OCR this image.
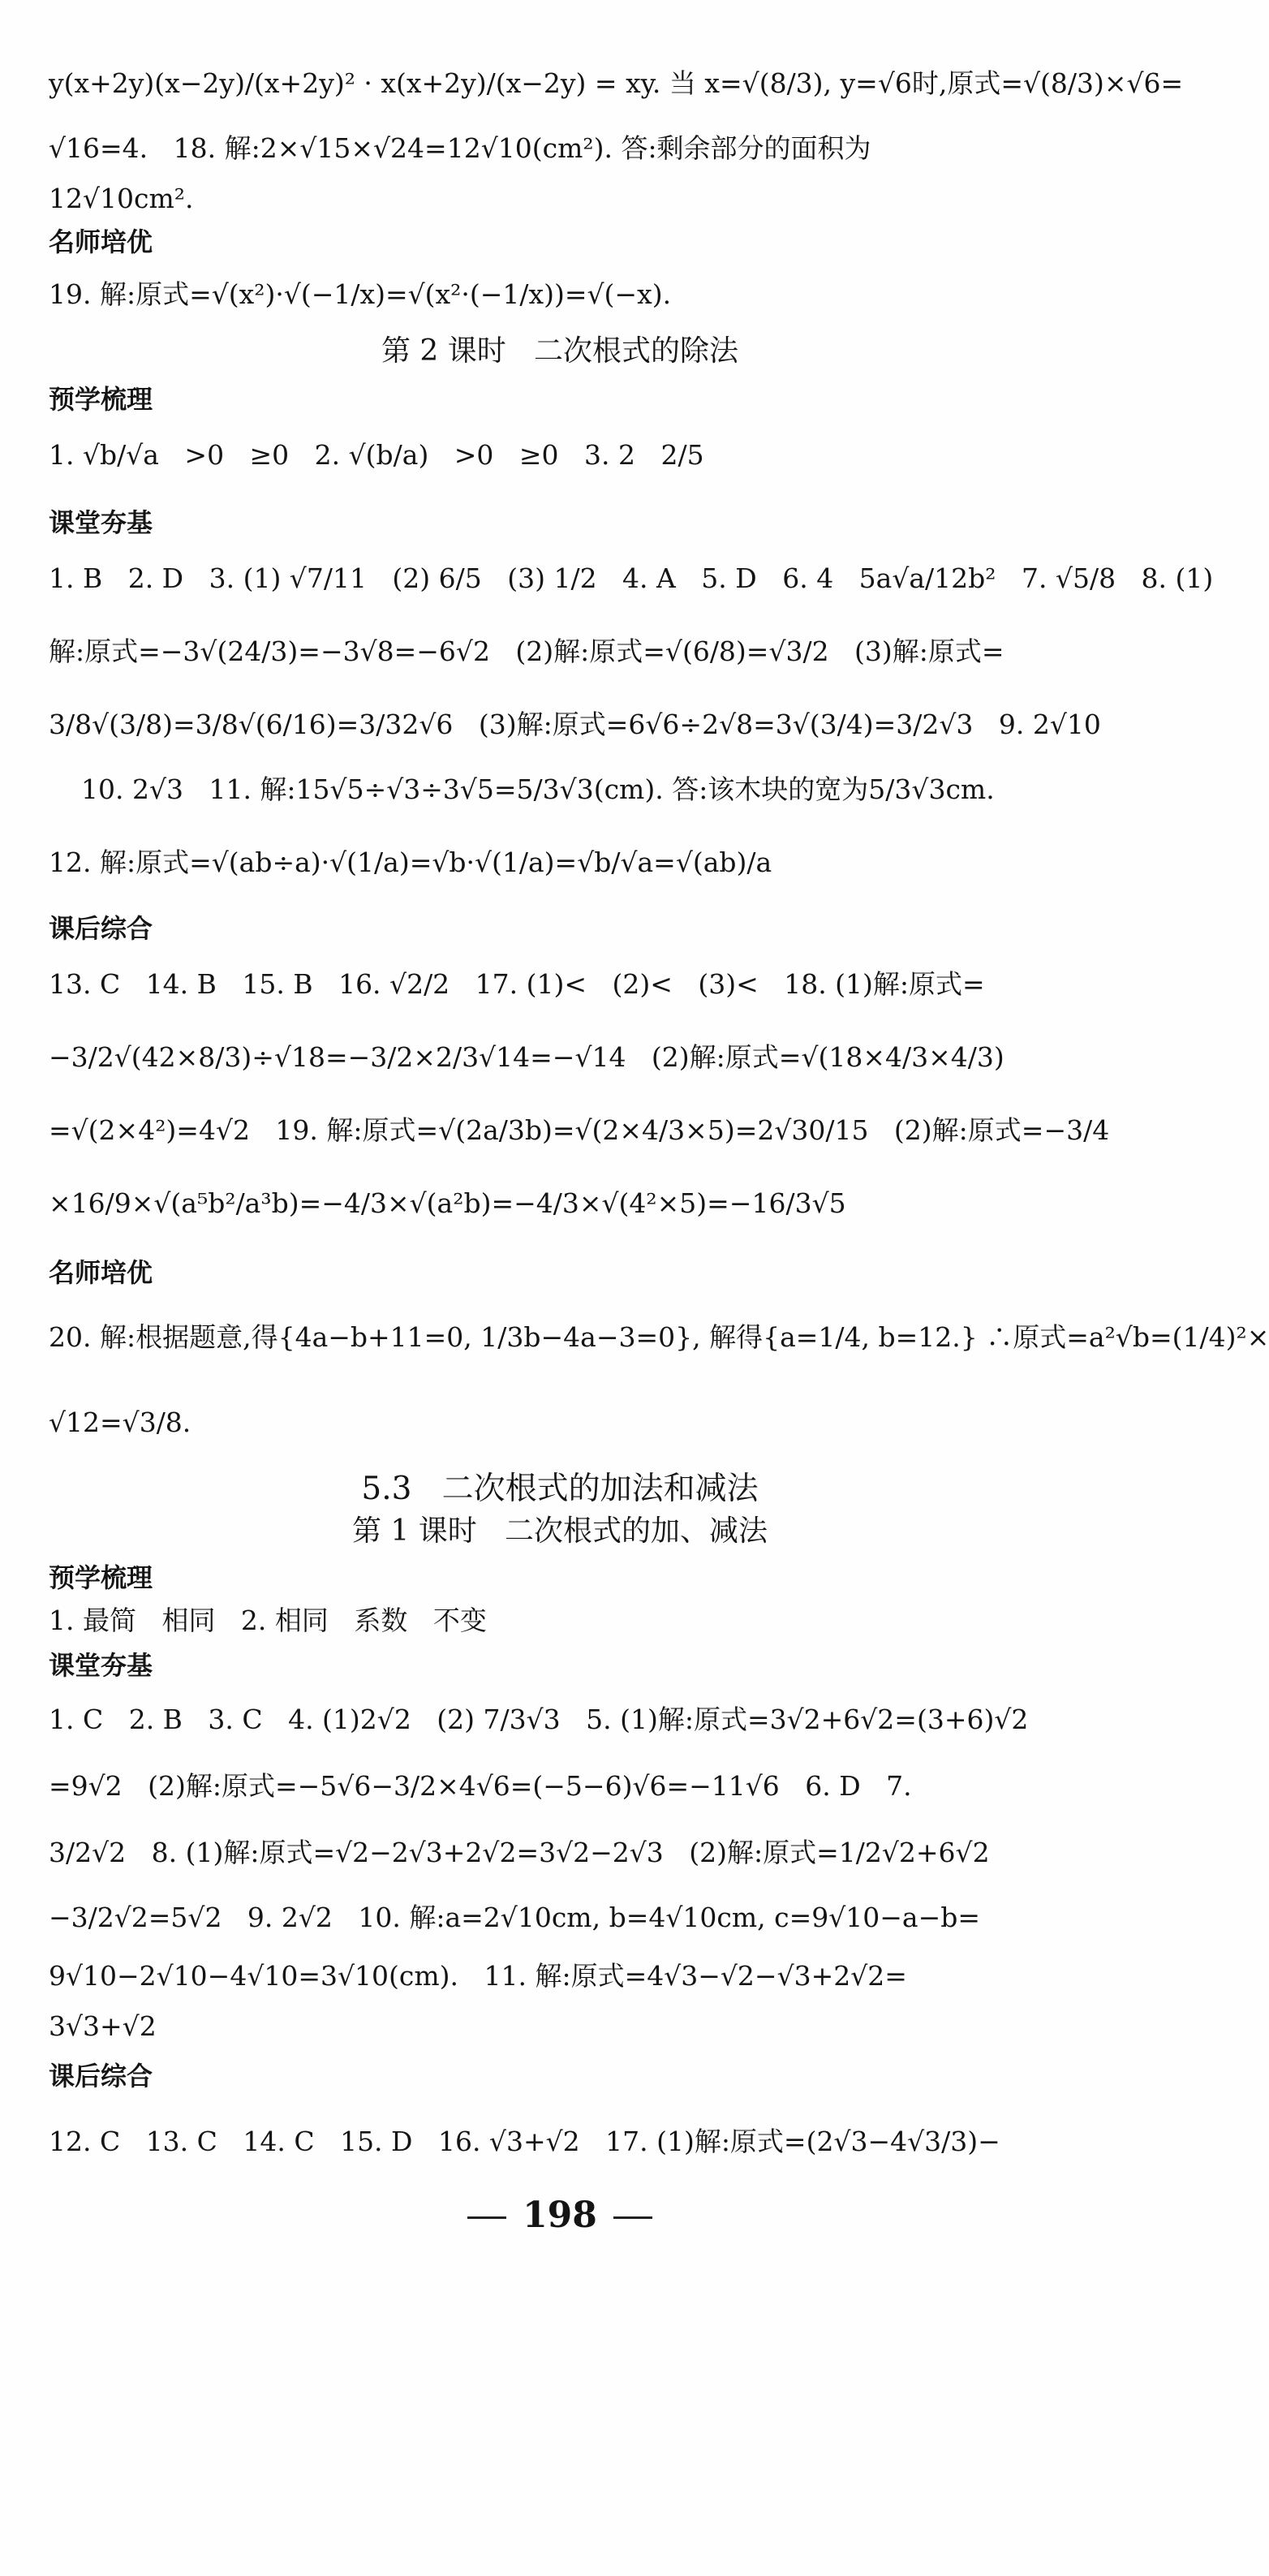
y(x+2y)(x−2y)/(x+2y)² · x(x+2y)/(x−2y) = xy. 当 x=√(8/3), y=√6时,原式=√(8/3)×√6=
√16=4.   18. 解:2×√15×√24=12√10(cm²). 答:剩余部分的面积为
12√10cm².
名师培优
19. 解:原式=√(x²)·√(−1/x)=√(x²·(−1/x))=√(−x).
第 2 课时   二次根式的除法
预学梳理
1. √b/√a   >0   ≥0   2. √(b/a)   >0   ≥0   3. 2   2/5
课堂夯基
1. B   2. D   3. (1) √7/11   (2) 6/5   (3) 1/2   4. A   5. D   6. 4   5a√a/12b²   7. √5/8   8. (1)
解:原式=−3√(24/3)=−3√8=−6√2   (2)解:原式=√(6/8)=√3/2   (3)解:原式=
3/8√(3/8)=3/8√(6/16)=3/32√6   (3)解:原式=6√6÷2√8=3√(3/4)=3/2√3   9. 2√10
10. 2√3   11. 解:15√5÷√3÷3√5=5/3√3(cm). 答:该木块的宽为5/3√3cm.
12. 解:原式=√(ab÷a)·√(1/a)=√b·√(1/a)=√b/√a=√(ab)/a
课后综合
13. C   14. B   15. B   16. √2/2   17. (1)<   (2)<   (3)<   18. (1)解:原式=
−3/2√(42×8/3)÷√18=−3/2×2/3√14=−√14   (2)解:原式=√(18×4/3×4/3)
=√(2×4²)=4√2   19. 解:原式=√(2a/3b)=√(2×4/3×5)=2√30/15   (2)解:原式=−3/4
×16/9×√(a⁵b²/a³b)=−4/3×√(a²b)=−4/3×√(4²×5)=−16/3√5
名师培优
20. 解:根据题意,得{4a−b+11=0, 1/3b−4a−3=0}, 解得{a=1/4, b=12.} ∴原式=a²√b=(1/4)²×
√12=√3/8.
5.3   二次根式的加法和减法
第 1 课时   二次根式的加、减法
预学梳理
1. 最简   相同   2. 相同   系数   不变
课堂夯基
1. C   2. B   3. C   4. (1)2√2   (2) 7/3√3   5. (1)解:原式=3√2+6√2=(3+6)√2
=9√2   (2)解:原式=−5√6−3/2×4√6=(−5−6)√6=−11√6   6. D   7.
3/2√2   8. (1)解:原式=√2−2√3+2√2=3√2−2√3   (2)解:原式=1/2√2+6√2
−3/2√2=5√2   9. 2√2   10. 解:a=2√10cm, b=4√10cm, c=9√10−a−b=
9√10−2√10−4√10=3√10(cm).   11. 解:原式=4√3−√2−√3+2√2=
3√3+√2
课后综合
12. C   13. C   14. C   15. D   16. √3+√2   17. (1)解:原式=(2√3−4√3/3)−
198
